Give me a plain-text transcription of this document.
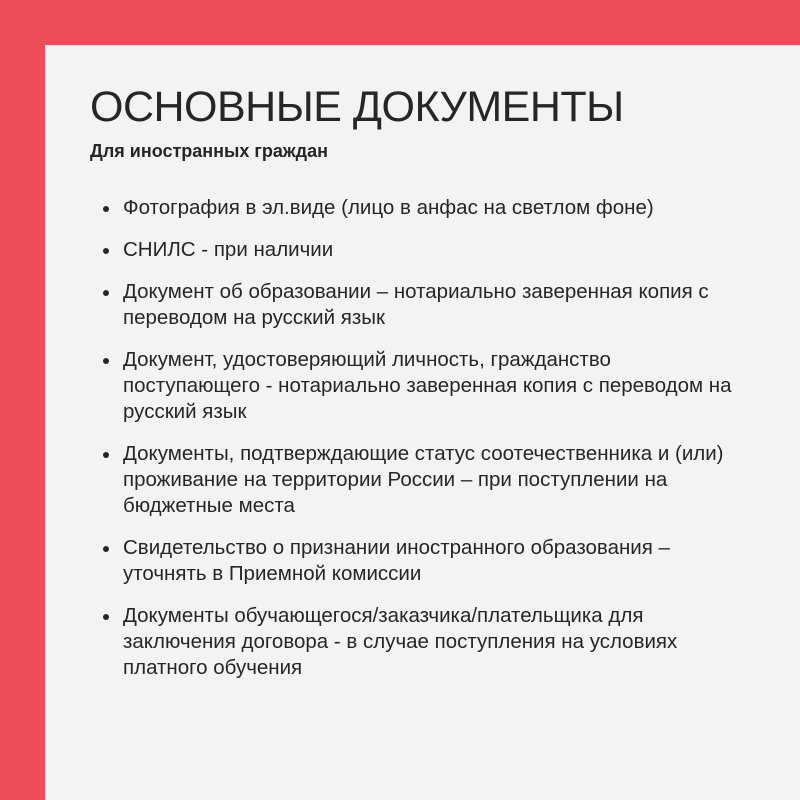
ОСНОВНЫЕ ДОКУМЕНТЫ
Для иностранных граждан
Фотография в эл.виде (лицо в анфас на светлом фоне)
СНИЛС - при наличии
Документ об образовании – нотариально заверенная копия с переводом на русский язык
Документ, удостоверяющий личность, гражданство поступающего - нотариально заверенная копия с переводом на русский язык
Документы, подтверждающие статус соотечественника и (или) проживание на территории России – при поступлении на бюджетные места
Свидетельство о признании иностранного образования – уточнять в Приемной комиссии
Документы обучающегося/заказчика/плательщика для заключения договора - в случае поступления на условиях платного обучения
